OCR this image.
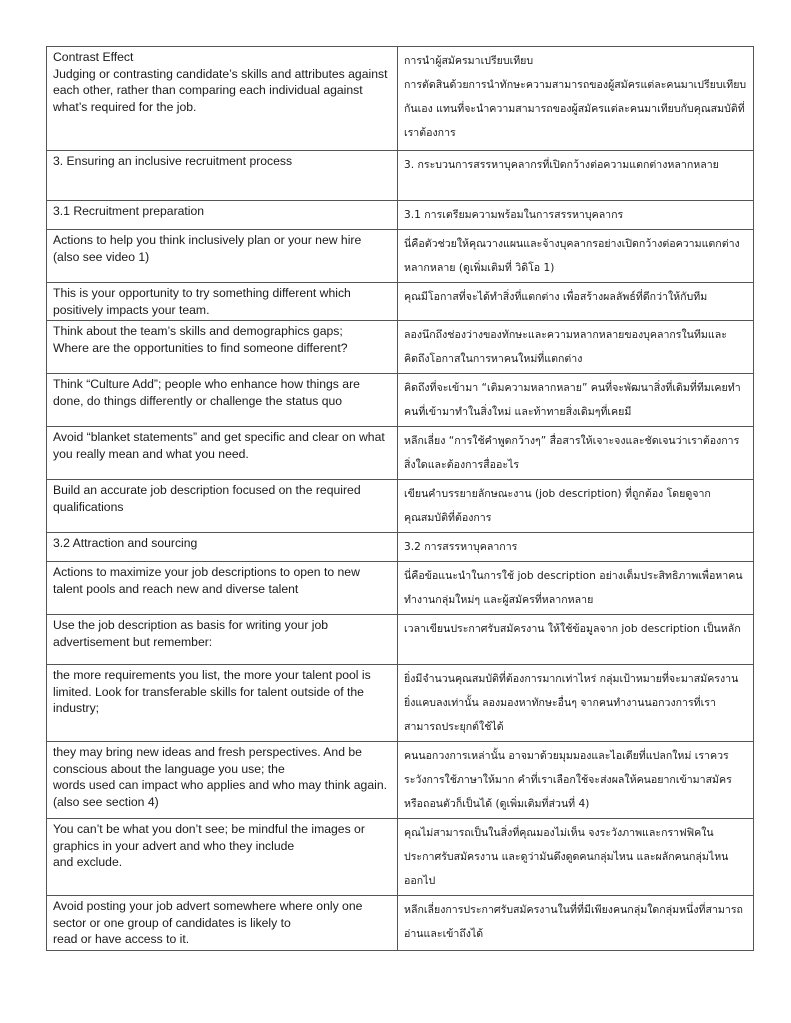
Contrast Effect
Judging or contrasting candidate’s skills and attributes against each other, rather than comparing each individual against what’s required for the job.	การนำผู้สมัครมาเปรียบเทียบ
การตัดสินด้วยการนำทักษะความสามารถของผู้สมัครแต่ละคนมาเปรียบเทียบกันเอง แทนที่จะนำความสามารถของผู้สมัครแต่ละคนมาเทียบกับคุณสมบัติที่เราต้องการ

3. Ensuring an inclusive recruitment process	3. กระบวนการสรรหาบุคลากรที่เปิดกว้างต่อความแตกต่างหลากหลาย

3.1 Recruitment preparation	3.1 การเตรียมความพร้อมในการสรรหาบุคลากร

Actions to help you think inclusively plan or your new hire (also see video 1)	นี่คือตัวช่วยให้คุณวางแผนและจ้างบุคลากรอย่างเปิดกว้างต่อความแตกต่างหลากหลาย (ดูเพิ่มเติมที่ วิดิโอ 1)

This is your opportunity to try something different which positively impacts your team.	คุณมีโอกาสที่จะได้ทำสิ่งที่แตกต่าง เพื่อสร้างผลลัพธ์ที่ดีกว่าให้กับทีม

Think about the team’s skills and demographics gaps;
Where are the opportunities to find someone different?	ลองนึกถึงช่องว่างของทักษะและความหลากหลายของบุคลากรในทีมและคิดถึงโอกาสในการหาคนใหม่ที่แตกต่าง

Think “Culture Add”; people who enhance how things are done, do things differently or challenge the status quo	คิดถึงที่จะเข้ามา “เติมความหลากหลาย” คนที่จะพัฒนาสิ่งที่เดิมที่ทีมเคยทำ คนที่เข้ามาทำในสิ่งใหม่ และท้าทายสิ่งเดิมๆที่เคยมี

Avoid “blanket statements” and get specific and clear on what you really mean and what you need.	หลีกเลี่ยง “การใช้คำพูดกว้างๆ” สื่อสารให้เจาะจงและชัดเจนว่าเราต้องการสิ่งใดและต้องการสื่ออะไร

Build an accurate job description focused on the required qualifications	เขียนคำบรรยายลักษณะงาน (job description) ที่ถูกต้อง โดยดูจากคุณสมบัติที่ต้องการ

3.2 Attraction and sourcing	3.2 การสรรหาบุคลาการ

Actions to maximize your job descriptions to open to new talent pools and reach new and diverse talent	นี่คือข้อแนะนำในการใช้ job description อย่างเต็มประสิทธิภาพเพื่อหาคนทำงานกลุ่มใหม่ๆ และผู้สมัครที่หลากหลาย

Use the job description as basis for writing your job advertisement but remember:	เวลาเขียนประกาศรับสมัครงาน ให้ใช้ข้อมูลจาก job description เป็นหลัก

the more requirements you list, the more your talent pool is limited. Look for transferable skills for talent outside of the industry;	ยิ่งมีจำนวนคุณสมบัติที่ต้องการมากเท่าไหร่ กลุ่มเป้าหมายที่จะมาสมัครงานยิ่งแคบลงเท่านั้น ลองมองหาทักษะอื่นๆ จากคนทำงานนอกวงการที่เราสามารถประยุกต์ใช้ได้

they may bring new ideas and fresh perspectives. And be conscious about the language you use; the
words used can impact who applies and who may think again. (also see section 4)	คนนอกวงการเหล่านั้น อาจมาด้วยมุมมองและไอเดียที่แปลกใหม่ เราควรระวังการใช้ภาษาให้มาก คำที่เราเลือกใช้จะส่งผลให้คนอยากเข้ามาสมัครหรือถอนตัวก็เป็นได้ (ดูเพิ่มเติมที่ส่วนที่ 4)

You can’t be what you don’t see; be mindful the images or graphics in your advert and who they include
and exclude.	คุณไม่สามารถเป็นในสิ่งที่คุณมองไม่เห็น จงระวังภาพและกราฟฟิคในประกาศรับสมัครงาน และดูว่ามันดึงดูดคนกลุ่มไหน และผลักคนกลุ่มไหนออกไป

Avoid posting your job advert somewhere where only one sector or one group of candidates is likely to
read or have access to it.	หลีกเลี่ยงการประกาศรับสมัครงานในที่ที่มีเพียงคนกลุ่มใดกลุ่มหนึ่งที่สามารถอ่านและเข้าถึงได้
